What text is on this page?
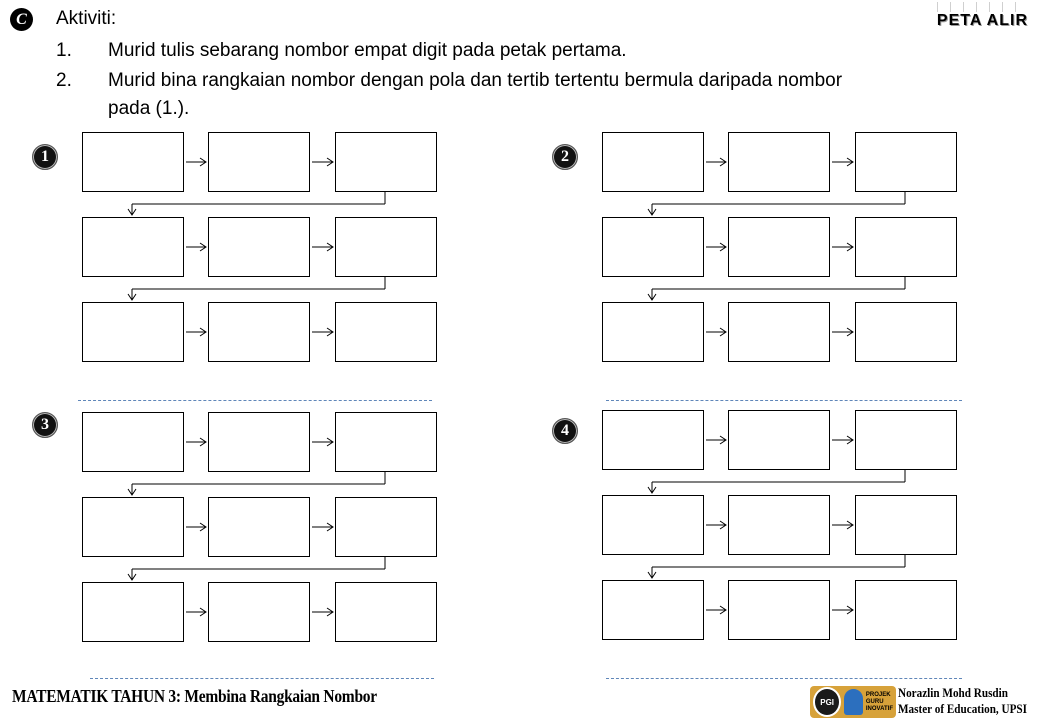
C	Aktiviti:
1. Murid tulis sebarang nombor empat digit pada petak pertama.
2. Murid bina rangkaian nombor dengan pola dan tertib tertentu bermula daripada nombor
pada (1.).
PETA ALIR
1	2
3	4
MATEMATIK TAHUN 3: Membina Rangkaian Nombor	PGI
PROJEK
GURU
INOVATIF
Norazlin Mohd Rusdin
Master of Education, UPSI
